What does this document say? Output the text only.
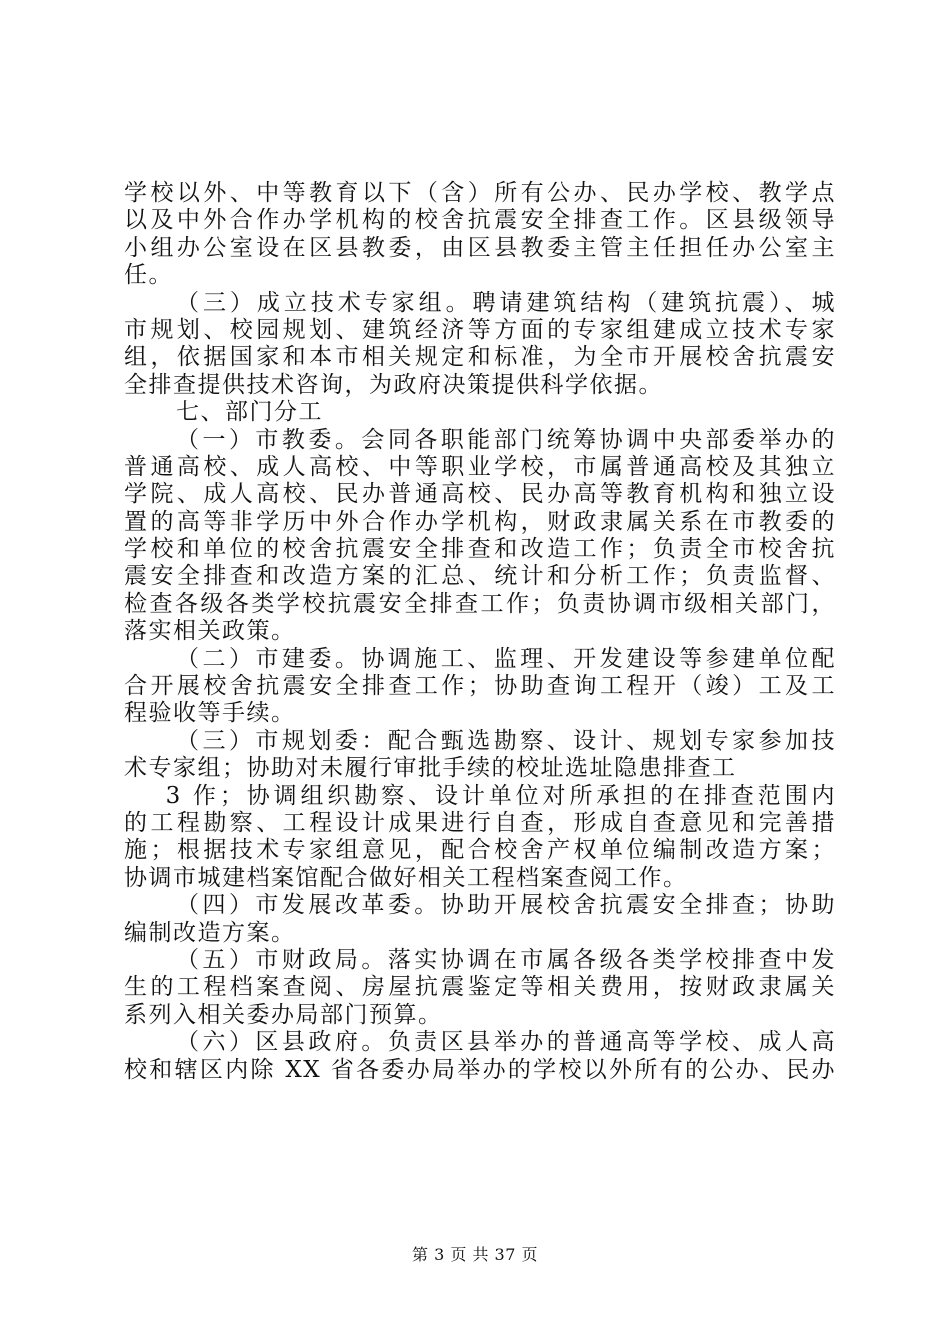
学校以外、中等教育以下（含）所有公办、民办学校、教学点
以及中外合作办学机构的校舍抗震安全排查工作。区县级领导
小组办公室设在区县教委，由区县教委主管主任担任办公室主
任。
（三）成立技术专家组。聘请建筑结构（建筑抗震）、城
市规划、校园规划、建筑经济等方面的专家组建成立技术专家
组，依据国家和本市相关规定和标准，为全市开展校舍抗震安
全排查提供技术咨询，为政府决策提供科学依据。
七、部门分工
（一）市教委。会同各职能部门统筹协调中央部委举办的
普通高校、成人高校、中等职业学校，市属普通高校及其独立
学院、成人高校、民办普通高校、民办高等教育机构和独立设
置的高等非学历中外合作办学机构，财政隶属关系在市教委的
学校和单位的校舍抗震安全排查和改造工作；负责全市校舍抗
震安全排查和改造方案的汇总、统计和分析工作；负责监督、
检查各级各类学校抗震安全排查工作；负责协调市级相关部门，
落实相关政策。
（二）市建委。协调施工、监理、开发建设等参建单位配
合开展校舍抗震安全排查工作；协助查询工程开（竣）工及工
程验收等手续。
（三）市规划委：配合甄选勘察、设计、规划专家参加技
术专家组；协助对未履行审批手续的校址选址隐患排查工
3 作；协调组织勘察、设计单位对所承担的在排查范围内
的工程勘察、工程设计成果进行自查，形成自查意见和完善措
施；根据技术专家组意见，配合校舍产权单位编制改造方案；
协调市城建档案馆配合做好相关工程档案查阅工作。
（四）市发展改革委。协助开展校舍抗震安全排查；协助
编制改造方案。
（五）市财政局。落实协调在市属各级各类学校排查中发
生的工程档案查阅、房屋抗震鉴定等相关费用，按财政隶属关
系列入相关委办局部门预算。
（六）区县政府。负责区县举办的普通高等学校、成人高
校和辖区内除 XX 省各委办局举办的学校以外所有的公办、民办
第 3 页 共 37 页
